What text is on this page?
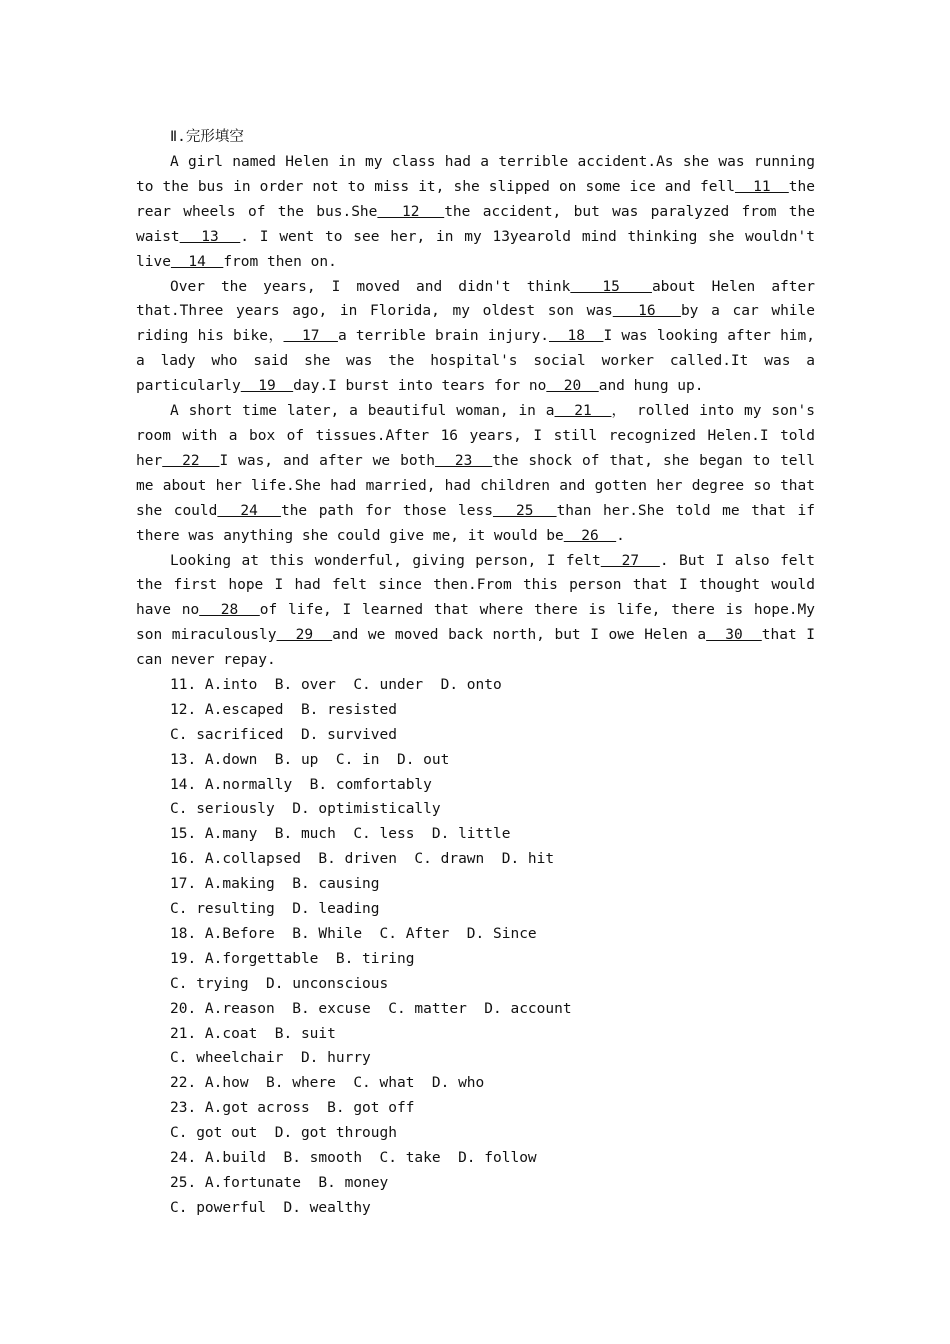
Ⅱ.完形填空
A girl named Helen in my class had a terrible accident.As she was running to the bus in order not to miss it, she slipped on some ice and fell  11  the rear wheels of the bus.She  12  the accident, but was paralyzed from the waist  13  . I went to see her, in my 13yearold mind thinking she wouldn't live  14  from then on.
Over the years, I moved and didn't think  15  about Helen after that.Three years ago, in Florida, my oldest son was  16  by a car while riding his bike，  17  a terrible brain injury.  18  I was looking after him, a lady who said she was the hospital's social worker called.It was a particularly  19  day.I burst into tears for no  20  and hung up.
A short time later, a beautiful woman, in a  21  ， rolled into my son's room with a box of tissues.After 16 years, I still recognized Helen.I told her  22  I was, and after we both  23  the shock of that, she began to tell me about her life.She had married, had children and gotten her degree so that she could  24  the path for those less  25  than her.She told me that if there was anything she could give me, it would be  26  .
Looking at this wonderful, giving person, I felt  27  . But I also felt the first hope I had felt since then.From this person that I thought would have no  28  of life, I learned that where there is life, there is hope.My son miraculously  29  and we moved back north, but I owe Helen a  30  that I can never repay.
11. A.into  B. over  C. under  D. onto
12. A.escaped  B. resisted
C. sacrificed  D. survived
13. A.down  B. up  C. in  D. out
14. A.normally  B. comfortably
C. seriously  D. optimistically
15. A.many  B. much  C. less  D. little
16. A.collapsed  B. driven  C. drawn  D. hit
17. A.making  B. causing
C. resulting  D. leading
18. A.Before  B. While  C. After  D. Since
19. A.forgettable  B. tiring
C. trying  D. unconscious
20. A.reason  B. excuse  C. matter  D. account
21. A.coat  B. suit
C. wheelchair  D. hurry
22. A.how  B. where  C. what  D. who
23. A.got across  B. got off
C. got out  D. got through
24. A.build  B. smooth  C. take  D. follow
25. A.fortunate  B. money
C. powerful  D. wealthy
